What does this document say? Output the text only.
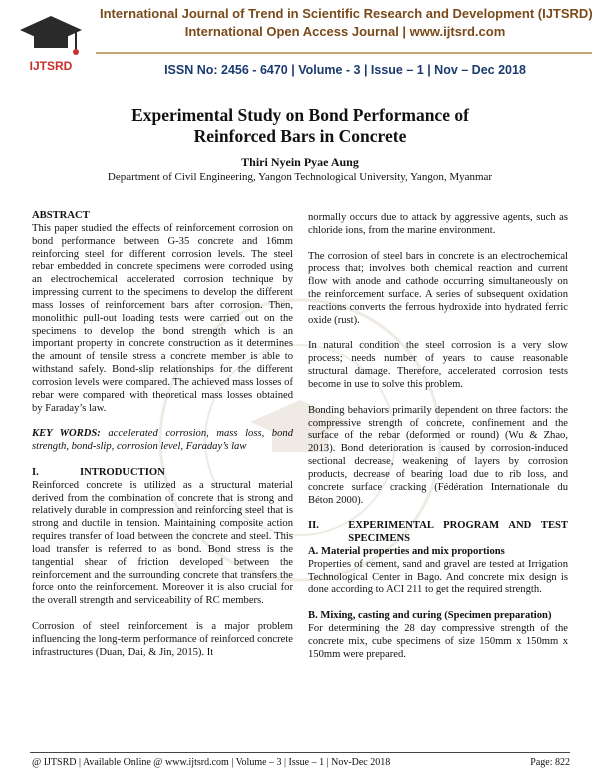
IJTSRD
International Journal of Trend in Scientific Research and Development (IJTSRD)
International Open Access Journal | www.ijtsrd.com
ISSN No: 2456 - 6470 | Volume - 3 | Issue – 1 | Nov – Dec 2018
Experimental Study on Bond Performance of
Reinforced Bars in Concrete
Thiri Nyein Pyae Aung
Department of Civil Engineering, Yangon Technological University, Yangon, Myanmar
ABSTRACT

This paper studied the effects of reinforcement corrosion on bond performance between G-35 concrete and 16mm reinforcing steel for different corrosion levels. The steel rebar embedded in concrete specimens were corroded using an electrochemical accelerated corrosion technique by impressing current to the specimens to develop the different mass losses of reinforcement bars after corrosion. Then, monolithic pull-out loading tests were carried out on the specimens to develop the bond strength which is an important property in concrete construction as it determines the amount of tensile stress a concrete member is able to withstand safely. Bond-slip relationships for the different corrosion levels were compared. The achieved mass losses of rebar were compared with theoretical mass losses obtained by Faraday’s law.

KEY WORDS: accelerated corrosion, mass loss, bond strength, bond-slip, corrosion level, Faraday’s law

I.	INTRODUCTION

Reinforced concrete is utilized as a structural material derived from the combination of concrete that is strong and relatively durable in compression and reinforcing steel that is strong and ductile in tension. Maintaining composite action requires transfer of load between the concrete and steel. This load transfer is referred to as bond. Bond stress is the tangential shear of friction developed between the reinforcement and the surrounding concrete that transfers the force onto the reinforcement. Moreover it is also crucial for the overall strength and serviceability of RC members.

Corrosion of steel reinforcement is a major problem influencing the long-term performance of reinforced concrete infrastructures (Duan, Dai, & Jin, 2015). It

normally occurs due to attack by aggressive agents, such as chloride ions, from the marine environment.

The corrosion of steel bars in concrete is an electrochemical process that; involves both chemical reaction and current flow with anode and cathode occurring simultaneously on the reinforcement surface. A series of subsequent oxidation reactions converts the ferrous hydroxide into hydrated ferric oxide (rust).

In natural condition the steel corrosion is a very slow process; needs number of years to cause reasonable structural damage. Therefore, accelerated corrosion tests become in use to solve this problem.

Bonding behaviors primarily dependent on three factors: the compressive strength of concrete, confinement and the surface of the rebar (deformed or round) (Wu & Zhao, 2013). Bond deterioration is caused by corrosion-induced sectional decrease, weakening of layers by corrosion products, decrease of bearing load due to rib loss, and concrete surface cracking (Fédération Internationale du Béton 2000).

II.	EXPERIMENTAL PROGRAM AND TEST SPECIMENS
A. Material properties and mix proportions

Properties of cement, sand and gravel are tested at Irrigation Technological Center in Bago. And concrete mix design is done according to ACI 211 to get the required strength.

B. Mixing, casting and curing (Specimen preparation)

For determining the 28 day compressive strength of the concrete mix, cube specimens of size 150mm x 150mm x 150mm were prepared.

@ IJTSRD | Available Online @ www.ijtsrd.com | Volume – 3 | Issue – 1 | Nov-Dec 2018	Page: 822
